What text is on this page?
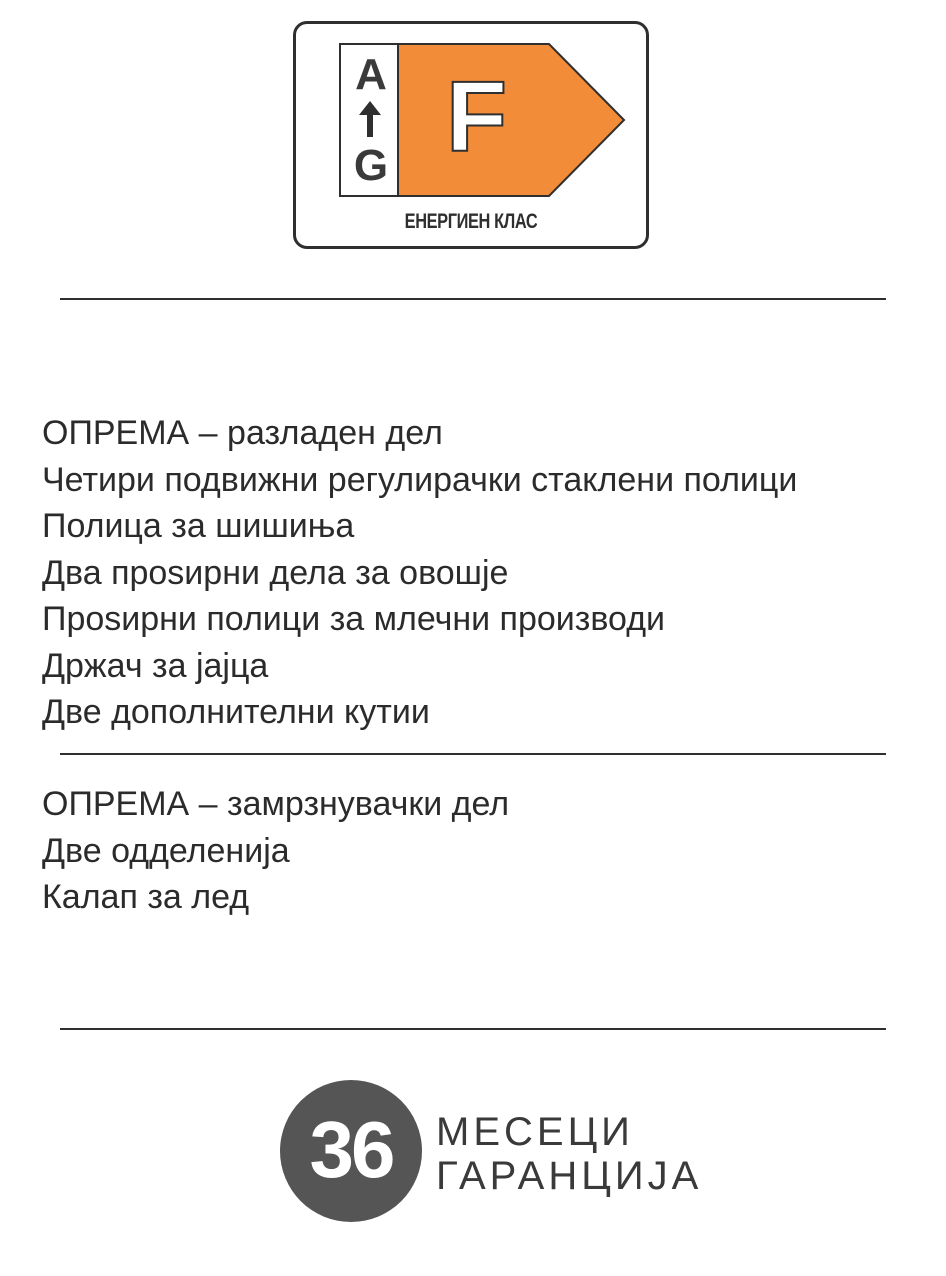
A
G F
ЕНЕРГИЕН КЛАС
ОПРЕМА – разладен дел
Четири подвижни регулирачки стаклени полици
Полица за шишиња
Два проѕирни дела за овошје
Проѕирни полици за млечни производи
Држач за јајца
Две дополнителни кутии
ОПРЕМА – замрзнувачки дел
Две одделенија
Калап за лед
36	МЕСЕЦИ
ГАРАНЦИЈА
